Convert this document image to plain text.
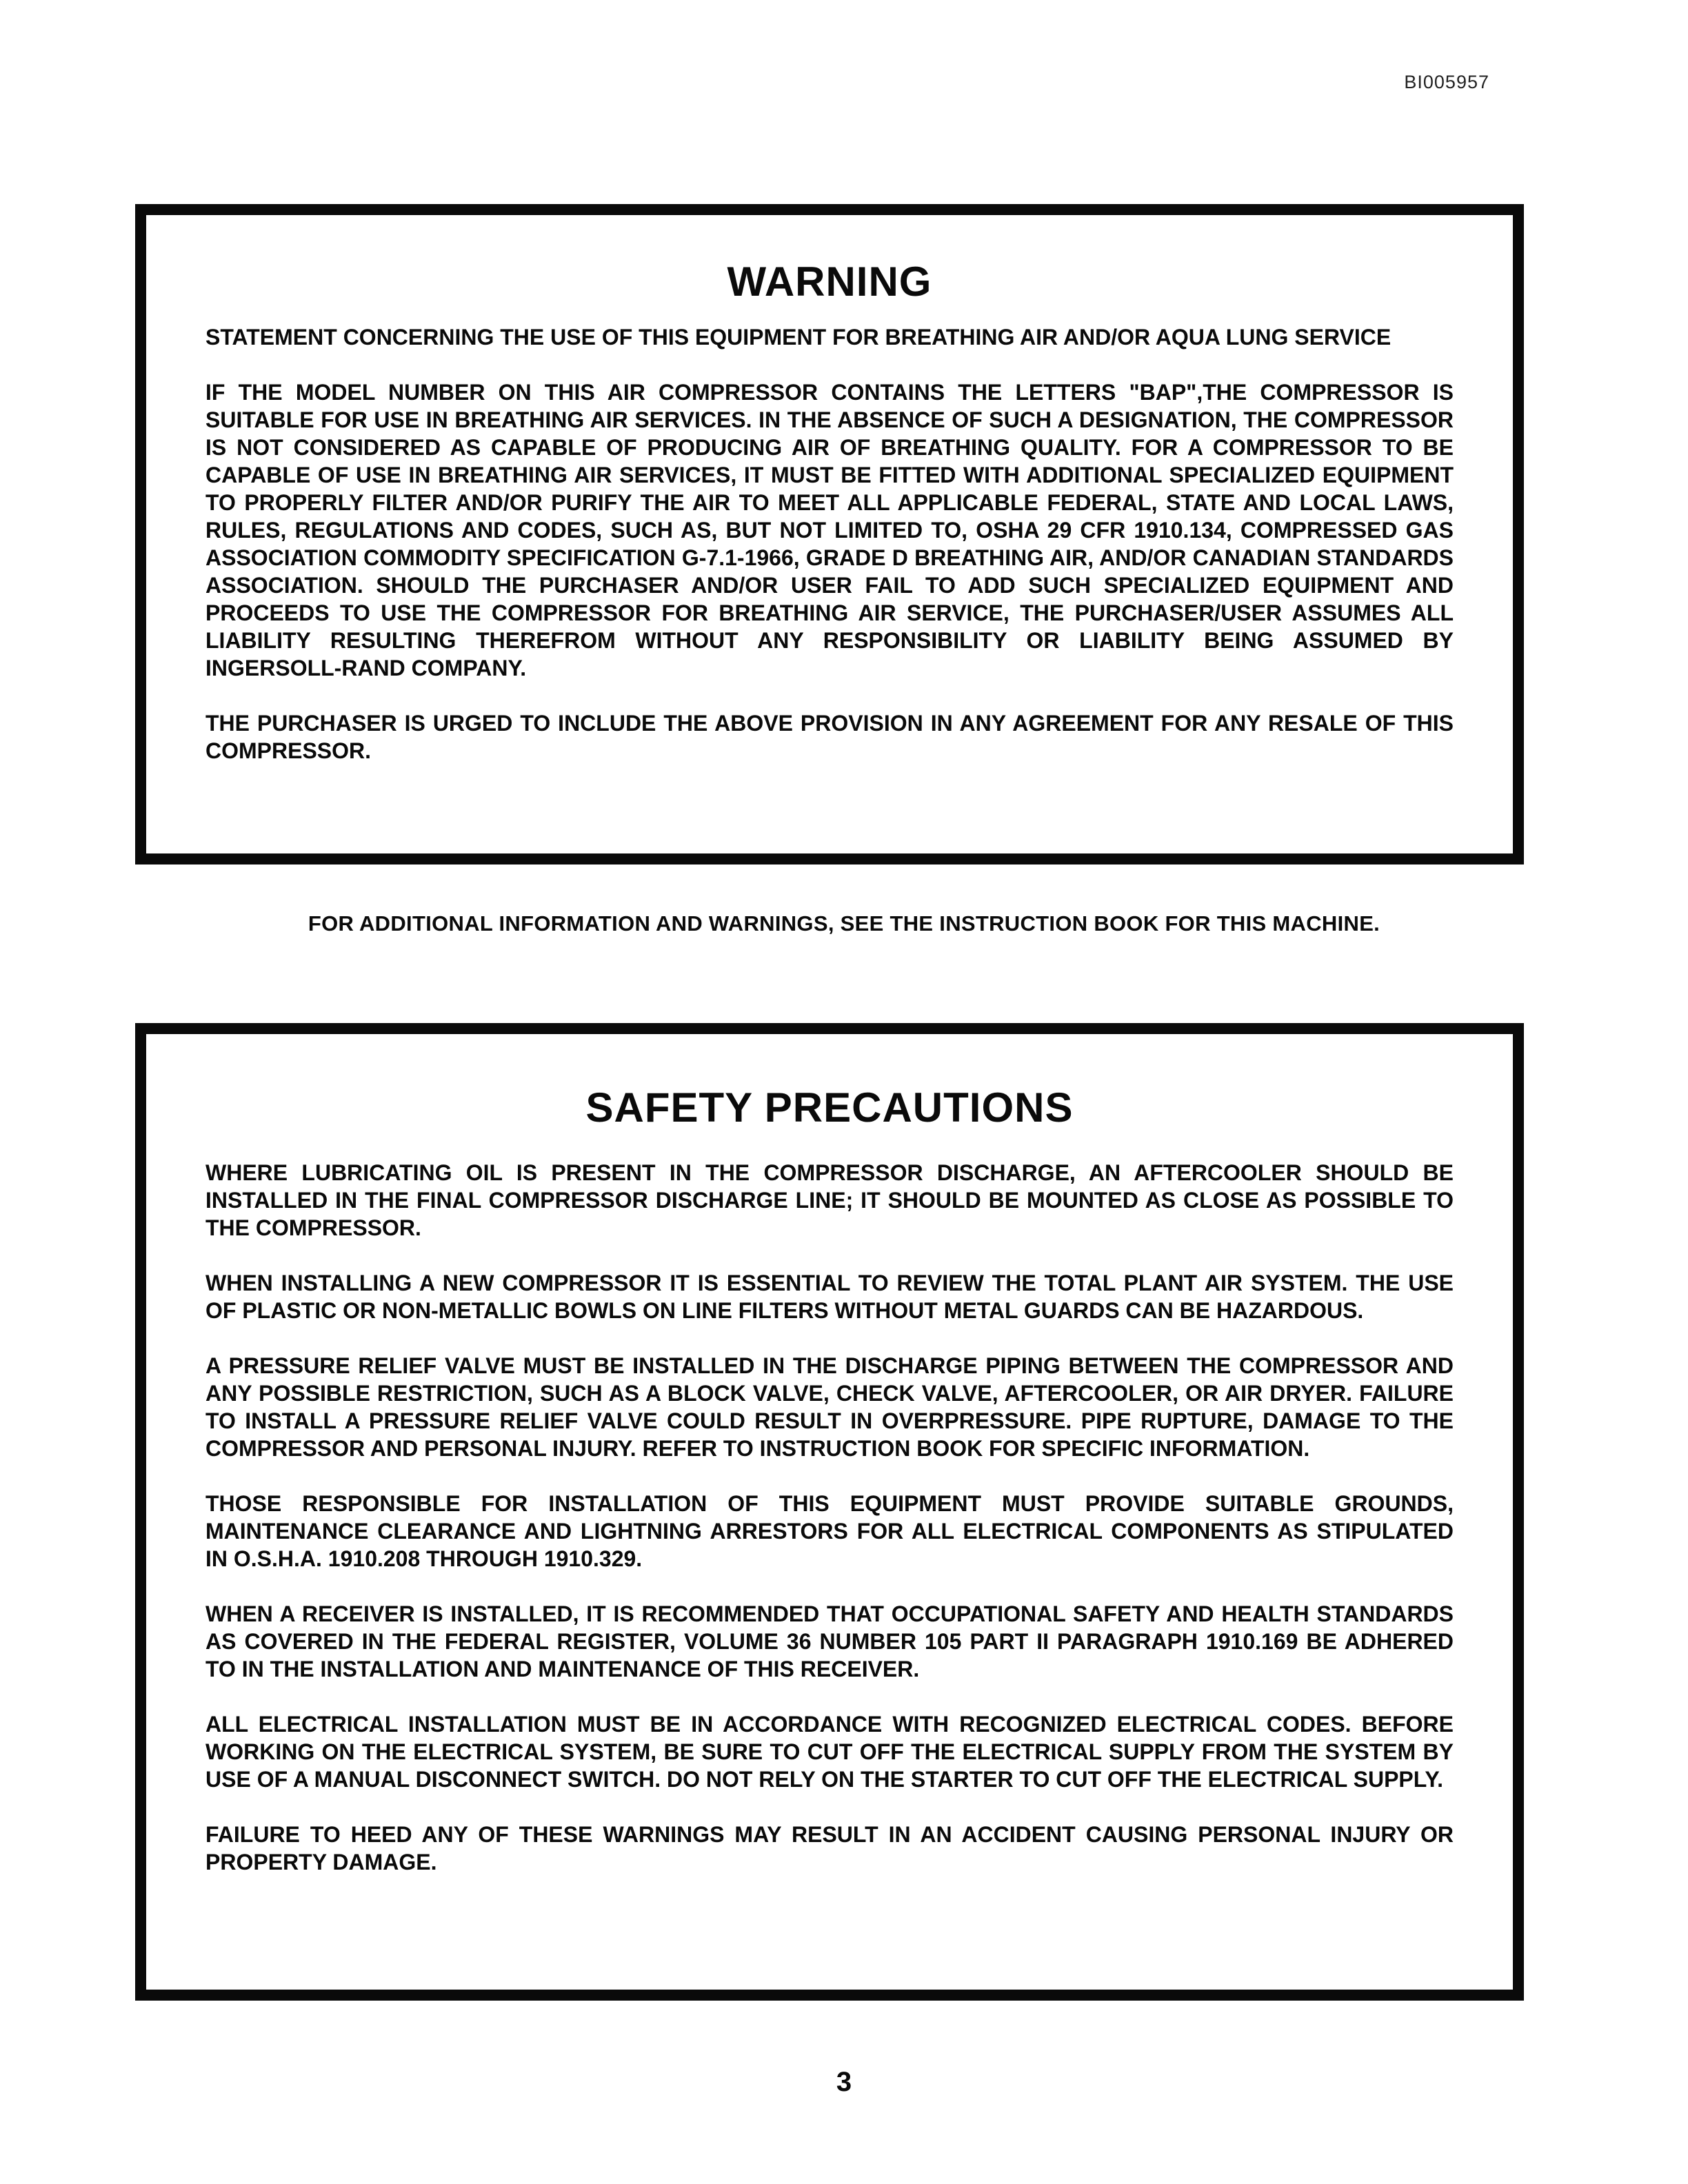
BI005957
WARNING

STATEMENT CONCERNING THE USE OF THIS EQUIPMENT FOR BREATHING AIR AND/OR AQUA LUNG SERVICE

IF THE MODEL NUMBER ON THIS AIR COMPRESSOR CONTAINS THE LETTERS "BAP",THE COMPRESSOR IS SUITABLE FOR USE IN BREATHING AIR SERVICES. IN THE ABSENCE OF SUCH A DESIGNATION, THE COMPRESSOR IS NOT CONSIDERED AS CAPABLE OF PRODUCING AIR OF BREATHING QUALITY. FOR A COMPRESSOR TO BE CAPABLE OF USE IN BREATHING AIR SERVICES, IT MUST BE FITTED WITH ADDITIONAL SPECIALIZED EQUIPMENT TO PROPERLY FILTER AND/OR PURIFY THE AIR TO MEET ALL APPLICABLE FEDERAL, STATE AND LOCAL LAWS, RULES, REGULATIONS AND CODES, SUCH AS, BUT NOT LIMITED TO, OSHA 29 CFR 1910.134, COMPRESSED GAS ASSOCIATION COMMODITY SPECIFICATION G-7.1-1966, GRADE D BREATHING AIR, AND/OR CANADIAN STANDARDS ASSOCIATION. SHOULD THE PURCHASER AND/OR USER FAIL TO ADD SUCH SPECIALIZED EQUIPMENT AND PROCEEDS TO USE THE COMPRESSOR FOR BREATHING AIR SERVICE, THE PURCHASER/USER ASSUMES ALL LIABILITY RESULTING THEREFROM WITHOUT ANY RESPONSIBILITY OR LIABILITY BEING ASSUMED BY INGERSOLL-RAND COMPANY.

THE PURCHASER IS URGED TO INCLUDE THE ABOVE PROVISION IN ANY AGREEMENT FOR ANY RESALE OF THIS COMPRESSOR.

FOR ADDITIONAL INFORMATION AND WARNINGS, SEE THE INSTRUCTION BOOK FOR THIS MACHINE.
SAFETY PRECAUTIONS

WHERE LUBRICATING OIL IS PRESENT IN THE COMPRESSOR DISCHARGE, AN AFTERCOOLER SHOULD BE INSTALLED IN THE FINAL COMPRESSOR DISCHARGE LINE; IT SHOULD BE MOUNTED AS CLOSE AS POSSIBLE TO THE COMPRESSOR.

WHEN INSTALLING A NEW COMPRESSOR IT IS ESSENTIAL TO REVIEW THE TOTAL PLANT AIR SYSTEM. THE USE OF PLASTIC OR NON-METALLIC BOWLS ON LINE FILTERS WITHOUT METAL GUARDS CAN BE HAZARDOUS.

A PRESSURE RELIEF VALVE MUST BE INSTALLED IN THE DISCHARGE PIPING BETWEEN THE COMPRESSOR AND ANY POSSIBLE RESTRICTION, SUCH AS A BLOCK VALVE, CHECK VALVE, AFTERCOOLER, OR AIR DRYER. FAILURE TO INSTALL A PRESSURE RELIEF VALVE COULD RESULT IN OVERPRESSURE. PIPE RUPTURE, DAMAGE TO THE COMPRESSOR AND PERSONAL INJURY. REFER TO INSTRUCTION BOOK FOR SPECIFIC INFORMATION.

THOSE RESPONSIBLE FOR INSTALLATION OF THIS EQUIPMENT MUST PROVIDE SUITABLE GROUNDS, MAINTENANCE CLEARANCE AND LIGHTNING ARRESTORS FOR ALL ELECTRICAL COMPONENTS AS STIPULATED IN O.S.H.A. 1910.208 THROUGH 1910.329.

WHEN A RECEIVER IS INSTALLED, IT IS RECOMMENDED THAT OCCUPATIONAL SAFETY AND HEALTH STANDARDS AS COVERED IN THE FEDERAL REGISTER, VOLUME 36 NUMBER 105 PART II PARAGRAPH 1910.169 BE ADHERED TO IN THE INSTALLATION AND MAINTENANCE OF THIS RECEIVER.

ALL ELECTRICAL INSTALLATION MUST BE IN ACCORDANCE WITH RECOGNIZED ELECTRICAL CODES. BEFORE WORKING ON THE ELECTRICAL SYSTEM, BE SURE TO CUT OFF THE ELECTRICAL SUPPLY FROM THE SYSTEM BY USE OF A MANUAL DISCONNECT SWITCH. DO NOT RELY ON THE STARTER TO CUT OFF THE ELECTRICAL SUPPLY.

FAILURE TO HEED ANY OF THESE WARNINGS MAY RESULT IN AN ACCIDENT CAUSING PERSONAL INJURY OR PROPERTY DAMAGE.

3
